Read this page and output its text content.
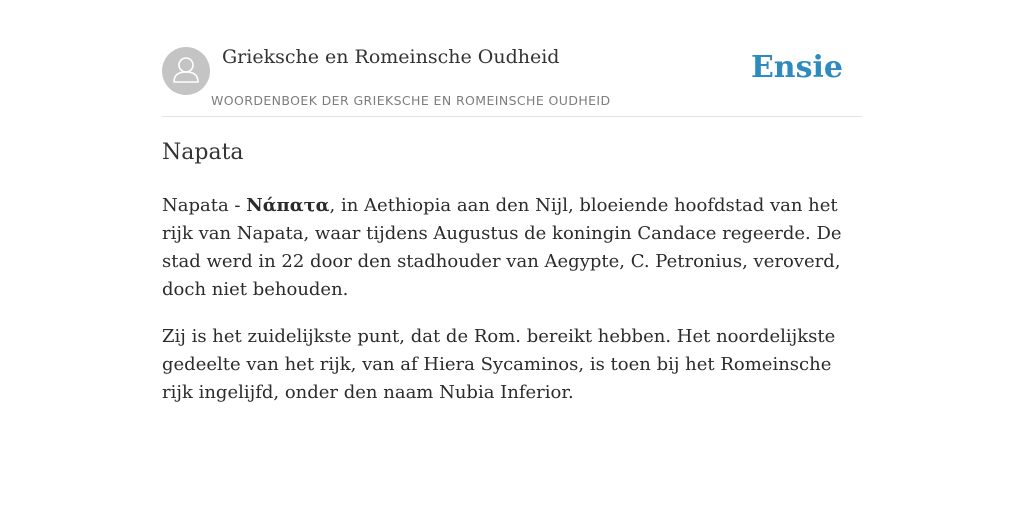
Grieksche en Romeinsche Oudheid
WOORDENBOEK DER GRIEKSCHE EN ROMEINSCHE OUDHEID
Ensie
Napata

Napata - Νάπατα, in Aethiopia aan den Nijl, bloeiende hoofdstad van het rijk van Napata, waar tijdens Augustus de koningin Candace regeerde. De stad werd in 22 door den stadhouder van Aegypte, C. Petronius, veroverd, doch niet behouden.

Zij is het zuidelijkste punt, dat de Rom. bereikt hebben. Het noordelijkste gedeelte van het rijk, van af Hiera Sycaminos, is toen bij het Romeinsche rijk ingelijfd, onder den naam Nubia Inferior.
